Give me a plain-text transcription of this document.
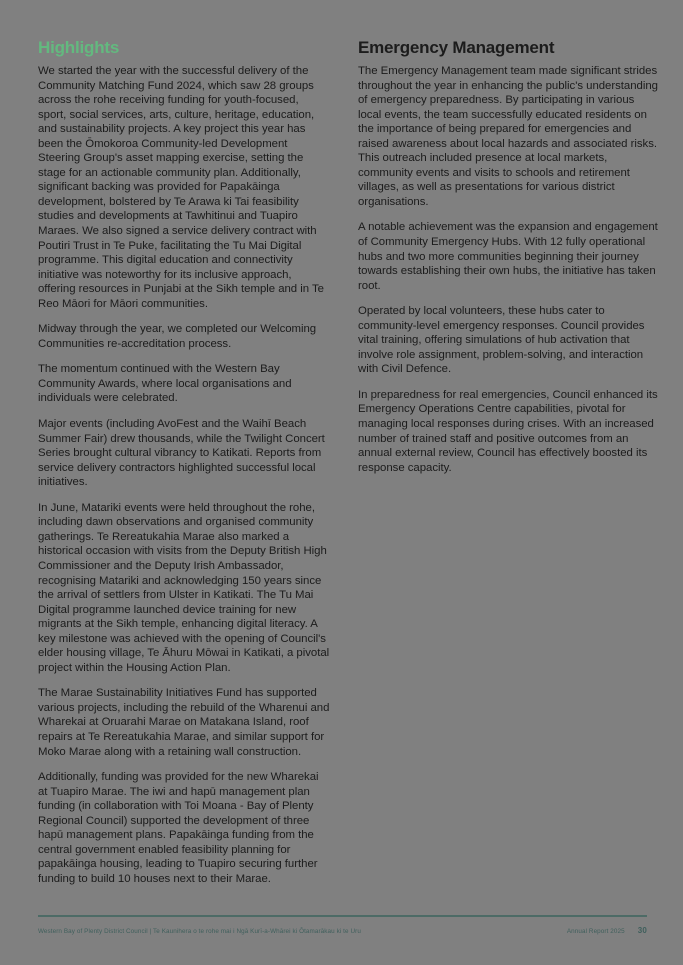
Highlights

We started the year with the successful delivery of the Community Matching Fund 2024, which saw 28 groups across the rohe receiving funding for youth-focused, sport, social services, arts, culture, heritage, education, and sustainability projects. A key project this year has been the Ōmokoroa Community-led Development Steering Group's asset mapping exercise, setting the stage for an actionable community plan. Additionally, significant backing was provided for Papakāinga development, bolstered by Te Arawa ki Tai feasibility studies and developments at Tawhitinui and Tuapiro Maraes. We also signed a service delivery contract with Poutiri Trust in Te Puke, facilitating the Tu Mai Digital programme. This digital education and connectivity initiative was noteworthy for its inclusive approach, offering resources in Punjabi at the Sikh temple and in Te Reo Māori for Māori communities.

Midway through the year, we completed our Welcoming Communities re-accreditation process.

The momentum continued with the Western Bay Community Awards, where local organisations and individuals were celebrated.

Major events (including AvoFest and the Waihī Beach Summer Fair) drew thousands, while the Twilight Concert Series brought cultural vibrancy to Katikati. Reports from service delivery contractors highlighted successful local initiatives.

In June, Matariki events were held throughout the rohe, including dawn observations and organised community gatherings. Te Rereatukahia Marae also marked a historical occasion with visits from the Deputy British High Commissioner and the Deputy Irish Ambassador, recognising Matariki and acknowledging 150 years since the arrival of settlers from Ulster in Katikati. The Tu Mai Digital programme launched device training for new migrants at the Sikh temple, enhancing digital literacy. A key milestone was achieved with the opening of Council's elder housing village, Te Āhuru Mōwai in Katikati, a pivotal project within the Housing Action Plan.

The Marae Sustainability Initiatives Fund has supported various projects, including the rebuild of the Wharenui and Wharekai at Oruarahi Marae on Matakana Island, roof repairs at Te Rereatukahia Marae, and similar support for Moko Marae along with a retaining wall construction.

Additionally, funding was provided for the new Wharekai at Tuapiro Marae. The iwi and hapū management plan funding (in collaboration with Toi Moana - Bay of Plenty Regional Council) supported the development of three hapū management plans. Papakāinga funding from the central government enabled feasibility planning for papakāinga housing, leading to Tuapiro securing further funding to build 10 houses next to their Marae.

Emergency Management

The Emergency Management team made significant strides throughout the year in enhancing the public's understanding of emergency preparedness. By participating in various local events, the team successfully educated residents on the importance of being prepared for emergencies and raised awareness about local hazards and associated risks. This outreach included presence at local markets, community events and visits to schools and retirement villages, as well as presentations for various district organisations.

A notable achievement was the expansion and engagement of Community Emergency Hubs. With 12 fully operational hubs and two more communities beginning their journey towards establishing their own hubs, the initiative has taken root.

Operated by local volunteers, these hubs cater to community-level emergency responses. Council provides vital training, offering simulations of hub activation that involve role assignment, problem-solving, and interaction with Civil Defence.

In preparedness for real emergencies, Council enhanced its Emergency Operations Centre capabilities, pivotal for managing local responses during crises. With an increased number of trained staff and positive outcomes from an annual external review, Council has effectively boosted its response capacity.

Western Bay of Plenty District Council | Te Kaunihera o te rohe mai i Ngā Kurī-a-Whārei ki Ōtamarākau ki te Uru	Annual Report 2025 30
